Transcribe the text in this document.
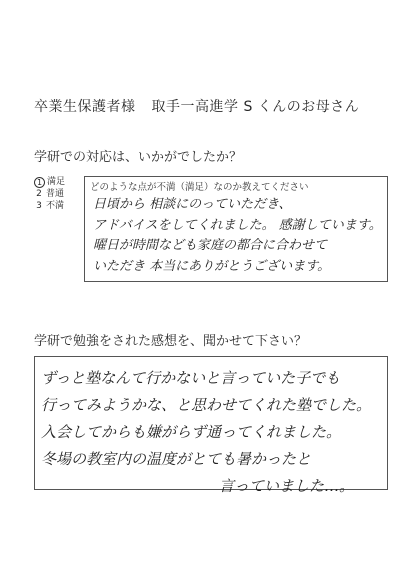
卒業生保護者様 取手一高進学 S くんのお母さん
学研での対応は、いかがでしたか？
1 満足
2 普通
3 不満
どのような点が不満（満足）なのか教えてください
日頃から 相談にのっていただき、
アドバイスをしてくれました。 感謝しています。
曜日が時間なども家庭の都合に合わせて
いただき 本当にありがとうございます。
学研で勉強をされた感想を、聞かせて下さい？
ずっと塾なんて行かないと言っていた子でも
行ってみようかな、と思わせてくれた塾でした。
入会してからも嫌がらず通ってくれました。
冬場の教室内の温度がとても暑かったと
言っていました…。
